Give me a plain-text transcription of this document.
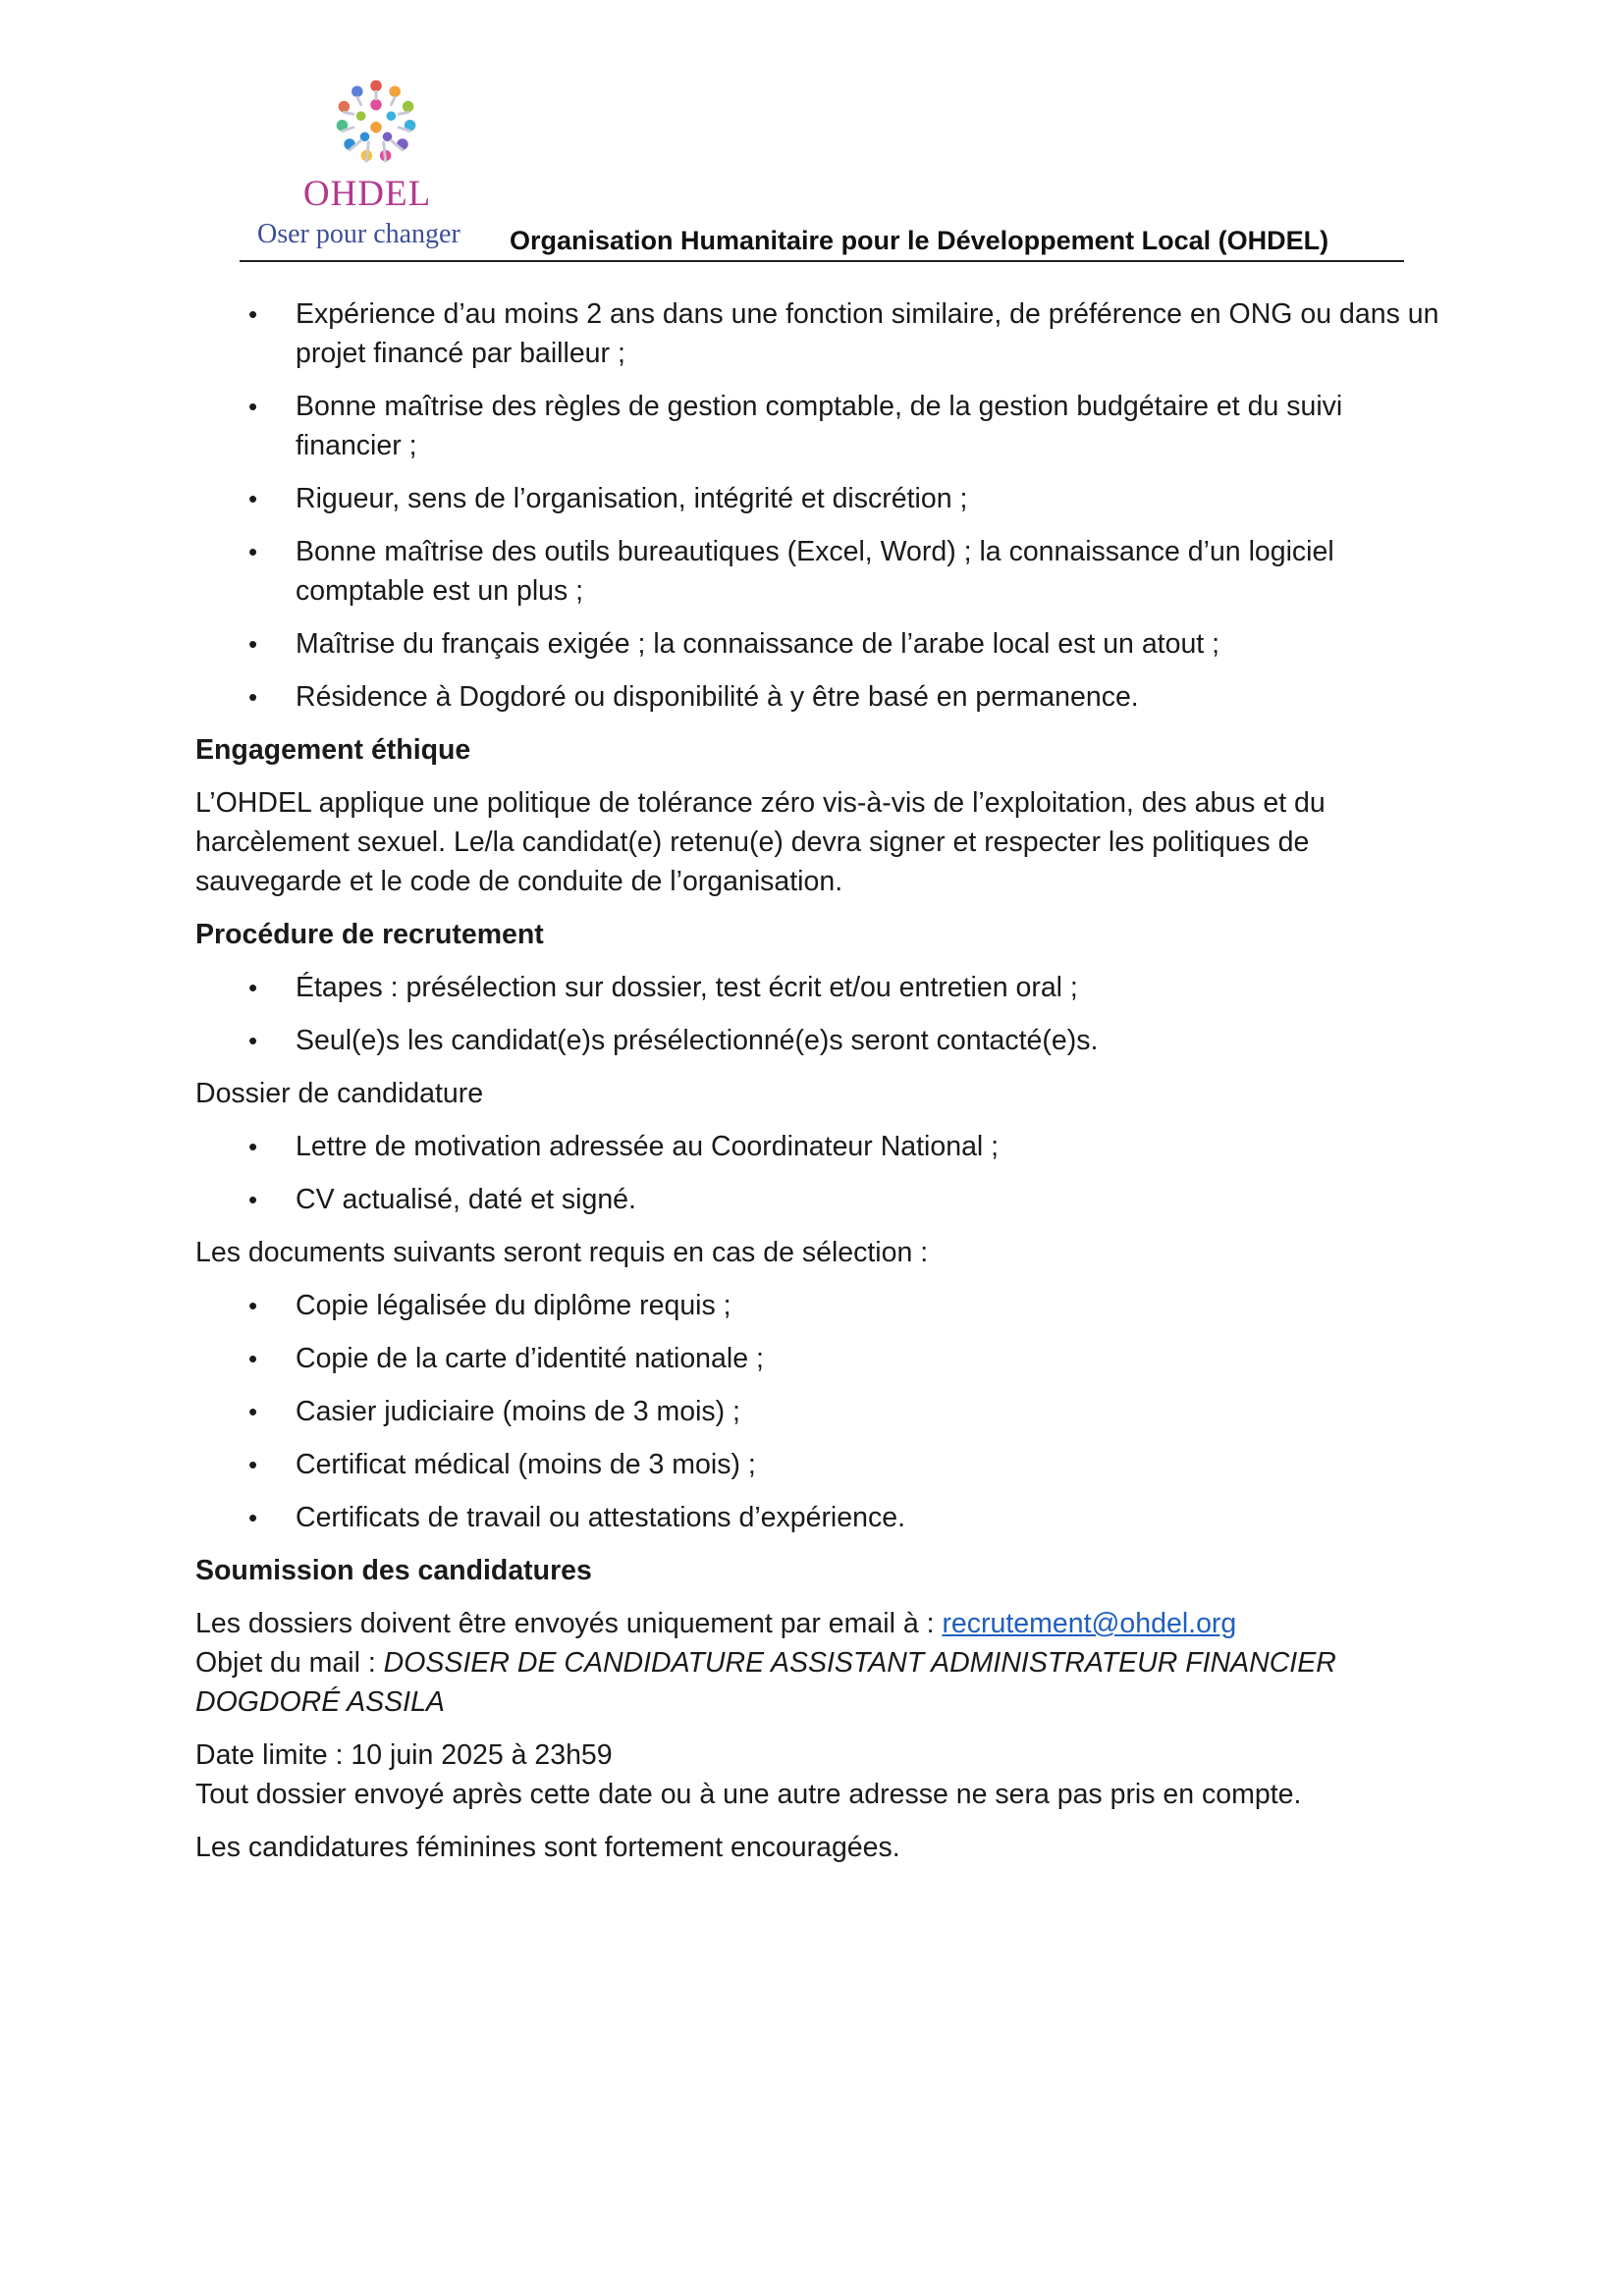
OHDEL
Oser pour changer Organisation Humanitaire pour le Développement Local (OHDEL)
• Expérience d’au moins 2 ans dans une fonction similaire, de préférence en ONG ou dans un projet financé par bailleur ;
• Bonne maîtrise des règles de gestion comptable, de la gestion budgétaire et du suivi financier ;
• Rigueur, sens de l’organisation, intégrité et discrétion ;
• Bonne maîtrise des outils bureautiques (Excel, Word) ; la connaissance d’un logiciel comptable est un plus ;
• Maîtrise du français exigée ; la connaissance de l’arabe local est un atout ;
• Résidence à Dogdoré ou disponibilité à y être basé en permanence.

Engagement éthique

L’OHDEL applique une politique de tolérance zéro vis-à-vis de l’exploitation, des abus et du harcèlement sexuel. Le/la candidat(e) retenu(e) devra signer et respecter les politiques de sauvegarde et le code de conduite de l’organisation.

Procédure de recrutement

• Étapes : présélection sur dossier, test écrit et/ou entretien oral ;
• Seul(e)s les candidat(e)s présélectionné(e)s seront contacté(e)s.

Dossier de candidature

• Lettre de motivation adressée au Coordinateur National ;
• CV actualisé, daté et signé.

Les documents suivants seront requis en cas de sélection :

• Copie légalisée du diplôme requis ;
• Copie de la carte d’identité nationale ;
• Casier judiciaire (moins de 3 mois) ;
• Certificat médical (moins de 3 mois) ;
• Certificats de travail ou attestations d’expérience.

Soumission des candidatures

Les dossiers doivent être envoyés uniquement par email à : recrutement@ohdel.org

Objet du mail : DOSSIER DE CANDIDATURE ASSISTANT ADMINISTRATEUR FINANCIER DOGDORÉ ASSILA

Date limite : 10 juin 2025 à 23h59

Tout dossier envoyé après cette date ou à une autre adresse ne sera pas pris en compte.

Les candidatures féminines sont fortement encouragées.
